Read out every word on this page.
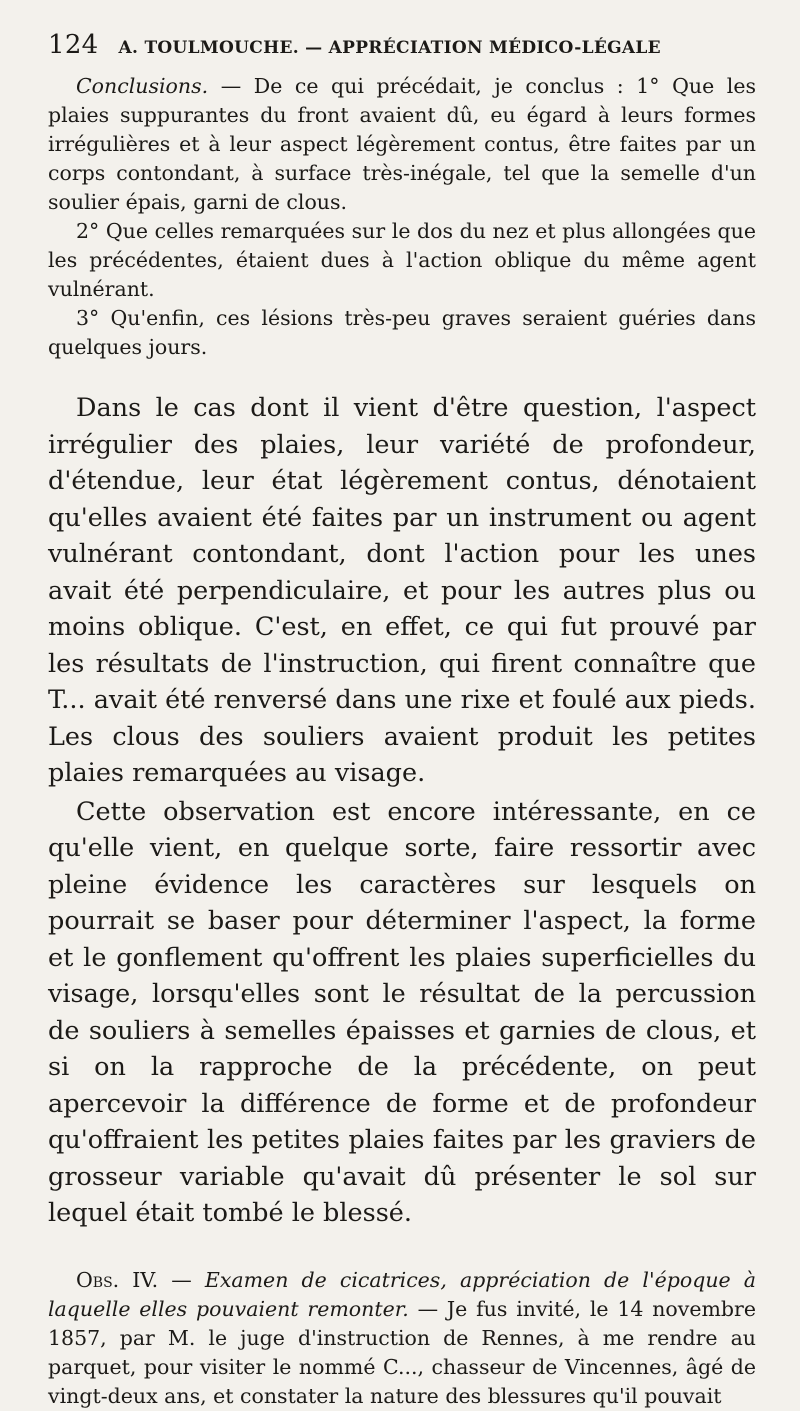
124 A. TOULMOUCHE. — APPRÉCIATION MÉDICO-LÉGALE

Conclusions. — De ce qui précédait, je conclus : 1° Que les plaies suppurantes du front avaient dû, eu égard à leurs formes irrégulières et à leur aspect légèrement contus, être faites par un corps contondant, à surface très-inégale, tel que la semelle d'un soulier épais, garni de clous.

2° Que celles remarquées sur le dos du nez et plus allongées que les précédentes, étaient dues à l'action oblique du même agent vulnérant.

3° Qu'enfin, ces lésions très-peu graves seraient guéries dans quelques jours.

Dans le cas dont il vient d'être question, l'aspect irrégulier des plaies, leur variété de profondeur, d'étendue, leur état légèrement contus, dénotaient qu'elles avaient été faites par un instrument ou agent vulnérant contondant, dont l'action pour les unes avait été perpendiculaire, et pour les autres plus ou moins oblique. C'est, en effet, ce qui fut prouvé par les résultats de l'instruction, qui firent connaître que T... avait été renversé dans une rixe et foulé aux pieds. Les clous des souliers avaient produit les petites plaies remarquées au visage.

Cette observation est encore intéressante, en ce qu'elle vient, en quelque sorte, faire ressortir avec pleine évidence les caractères sur lesquels on pourrait se baser pour déterminer l'aspect, la forme et le gonflement qu'offrent les plaies superficielles du visage, lorsqu'elles sont le résultat de la percussion de souliers à semelles épaisses et garnies de clous, et si on la rapproche de la précédente, on peut apercevoir la différence de forme et de profondeur qu'offraient les petites plaies faites par les graviers de grosseur variable qu'avait dû présenter le sol sur lequel était tombé le blessé.

Obs. IV. — Examen de cicatrices, appréciation de l'époque à laquelle elles pouvaient remonter. — Je fus invité, le 14 novembre 1857, par M. le juge d'instruction de Rennes, à me rendre au parquet, pour visiter le nommé C..., chasseur de Vincennes, âgé de vingt-deux ans, et constater la nature des blessures qu'il pouvait
